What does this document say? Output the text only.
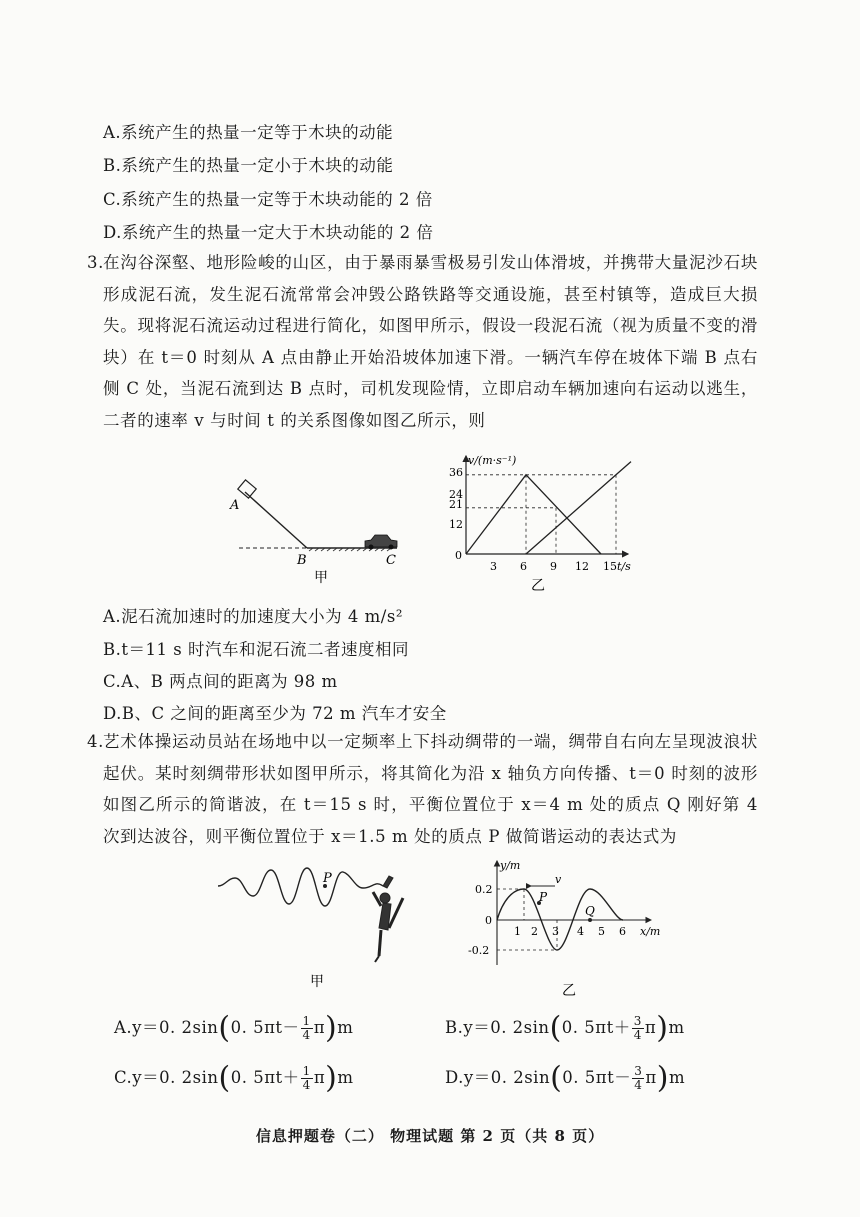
A.系统产生的热量一定等于木块的动能
B.系统产生的热量一定小于木块的动能
C.系统产生的热量一定等于木块动能的 2 倍
D.系统产生的热量一定大于木块动能的 2 倍
3. 在沟谷深壑、地形险峻的山区，由于暴雨暴雪极易引发山体滑坡，并携带大量泥沙石块形成泥石流，发生泥石流常常会冲毁公路铁路等交通设施，甚至村镇等，造成巨大损失。现将泥石流运动过程进行简化，如图甲所示，假设一段泥石流（视为质量不变的滑块）在 t＝0 时刻从 A 点由静止开始沿坡体加速下滑。一辆汽车停在坡体下端 B 点右侧 C 处，当泥石流到达 B 点时，司机发现险情，立即启动车辆加速向右运动以逃生，二者的速率 v 与时间 t 的关系图像如图乙所示，则
A
B	C
甲
v/(m·s⁻¹)
t/s
36
24
21
12
0
3 6 9 12 15
乙
A.泥石流加速时的加速度大小为 4 m/s²
B.t＝11 s 时汽车和泥石流二者速度相同
C.A、B 两点间的距离为 98 m
D.B、C 之间的距离至少为 72 m 汽车才安全
4. 艺术体操运动员站在场地中以一定频率上下抖动绸带的一端，绸带自右向左呈现波浪状起伏。某时刻绸带形状如图甲所示，将其简化为沿 x 轴负方向传播、t＝0 时刻的波形如图乙所示的简谐波，在 t＝15 s 时，平衡位置位于 x＝4 m 处的质点 Q 刚好第 4 次到达波谷，则平衡位置位于 x＝1.5 m 处的质点 P 做简谐运动的表达式为
P
甲
y/m
x/m
0.2
0
-0.2
1 2 3 4 5 6
P
Q
v
乙
A.y＝0. 2sin(0. $5\pi t- \frac{1}{4} \pi)m$	B.y＝0. 2sin(0. $5\pi t+ \frac{3}{4} \pi)m$
C.y＝0. 2sin(0. $5\pi t+ \frac{1}{4} \pi)m$	D.y＝0. 2sin(0. $5\pi t- \frac{3}{4} \pi)m$
信息押题卷（二） 物理试题 第 2 页（共 8 页）
